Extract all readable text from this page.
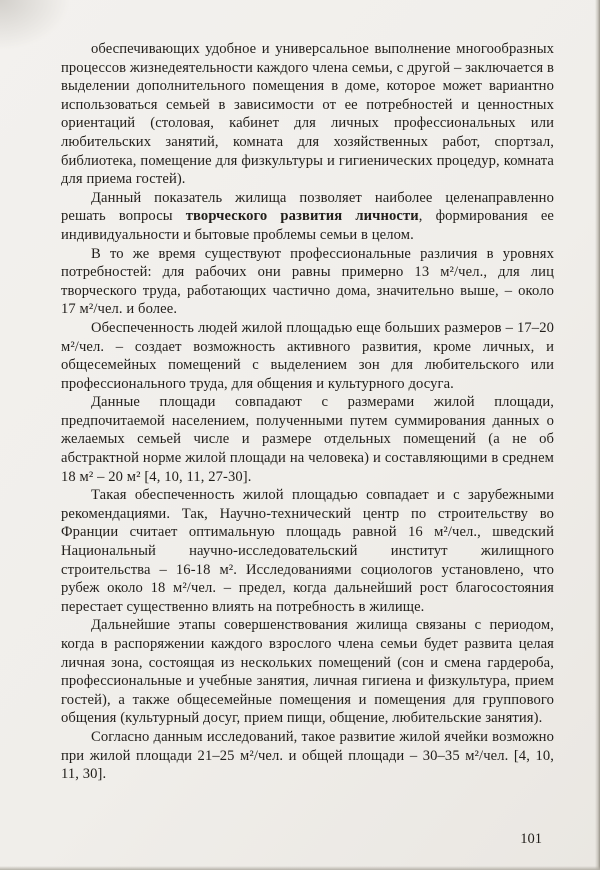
обеспечивающих удобное и универсальное выполнение многообразных процессов жизнедеятельности каждого члена семьи, с другой – заключается в выделении дополнительного помещения в доме, которое может вариантно использоваться семьей в зависимости от ее потребностей и ценностных ориентаций (столовая, кабинет для личных профессиональных или любительских занятий, комната для хозяйственных работ, спортзал, библиотека, помещение для физкультуры и гигиенических процедур, комната для приема гостей).

Данный показатель жилища позволяет наиболее целенаправленно решать вопросы творческого развития личности, формирования ее индивидуальности и бытовые проблемы семьи в целом.

В то же время существуют профессиональные различия в уровнях потребностей: для рабочих они равны примерно 13 м²/чел., для лиц творческого труда, работающих частично дома, значительно выше, – около 17 м²/чел. и более.

Обеспеченность людей жилой площадью еще больших размеров – 17–20 м²/чел. – создает возможность активного развития, кроме личных, и общесемейных помещений с выделением зон для любительского или профессионального труда, для общения и культурного досуга.

Данные площади совпадают с размерами жилой площади, предпочитаемой населением, полученными путем суммирования данных о желаемых семьей числе и размере отдельных помещений (а не об абстрактной норме жилой площади на человека) и составляющими в среднем 18 м² – 20 м² [4, 10, 11, 27-30].

Такая обеспеченность жилой площадью совпадает и с зарубежными рекомендациями. Так, Научно-технический центр по строительству во Франции считает оптимальную площадь равной 16 м²/чел., шведский Национальный научно-исследовательский институт жилищного строительства – 16-18 м². Исследованиями социологов установлено, что рубеж около 18 м²/чел. – предел, когда дальнейший рост благосостояния перестает существенно влиять на потребность в жилище.

Дальнейшие этапы совершенствования жилища связаны с периодом, когда в распоряжении каждого взрослого члена семьи будет развита целая личная зона, состоящая из нескольких помещений (сон и смена гардероба, профессиональные и учебные занятия, личная гигиена и физкультура, прием гостей), а также общесемейные помещения и помещения для группового общения (культурный досуг, прием пищи, общение, любительские занятия).

Согласно данным исследований, такое развитие жилой ячейки возможно при жилой площади 21–25 м²/чел. и общей площади – 30–35 м²/чел. [4, 10, 11, 30].

101
